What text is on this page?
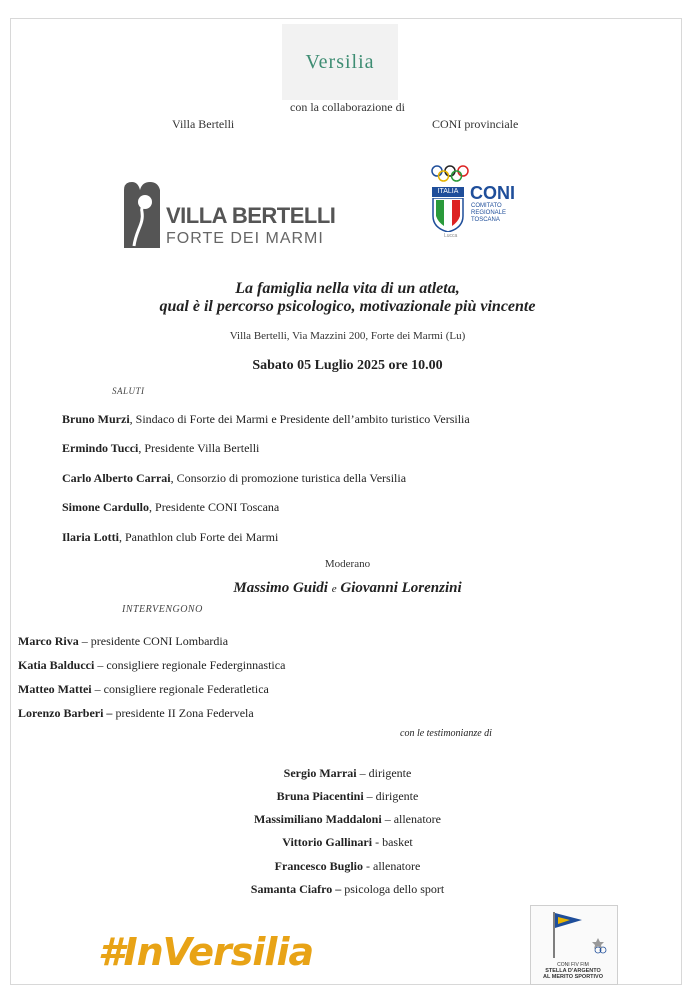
Versilia
con la collaborazione di
Villa Bertelli	CONI provinciale
VILLA BERTELLI
FORTE DEI MARMI
ITALIA CONI
COMITATO
REGIONALE
TOSCANA
Lucca
La famiglia nella vita di un atleta,
qual è il percorso psicologico, motivazionale più vincente
Villa Bertelli, Via Mazzini 200, Forte dei Marmi (Lu)
Sabato 05 Luglio 2025 ore 10.00
SALUTI
Bruno Murzi, Sindaco di Forte dei Marmi e Presidente dell’ambito turistico Versilia
Ermindo Tucci, Presidente Villa Bertelli
Carlo Alberto Carrai, Consorzio di promozione turistica della Versilia
Simone Cardullo, Presidente CONI Toscana
Ilaria Lotti, Panathlon club Forte dei Marmi
Moderano
Massimo Guidi e Giovanni Lorenzini
INTERVENGONO
Marco Riva – presidente CONI Lombardia
Katia Balducci – consigliere regionale Federginnastica
Matteo Mattei – consigliere regionale Federatletica
Lorenzo Barberi – presidente II Zona Federvela
con le testimonianze di
Sergio Marrai – dirigente
Bruna Piacentini – dirigente
Massimiliano Maddaloni – allenatore
Vittorio Gallinari - basket
Francesco Buglio - allenatore
Samanta Ciafro – psicologa dello sport
#InVersilia	CONI FIV FIM
STELLA D’ARGENTO
AL MERITO SPORTIVO
